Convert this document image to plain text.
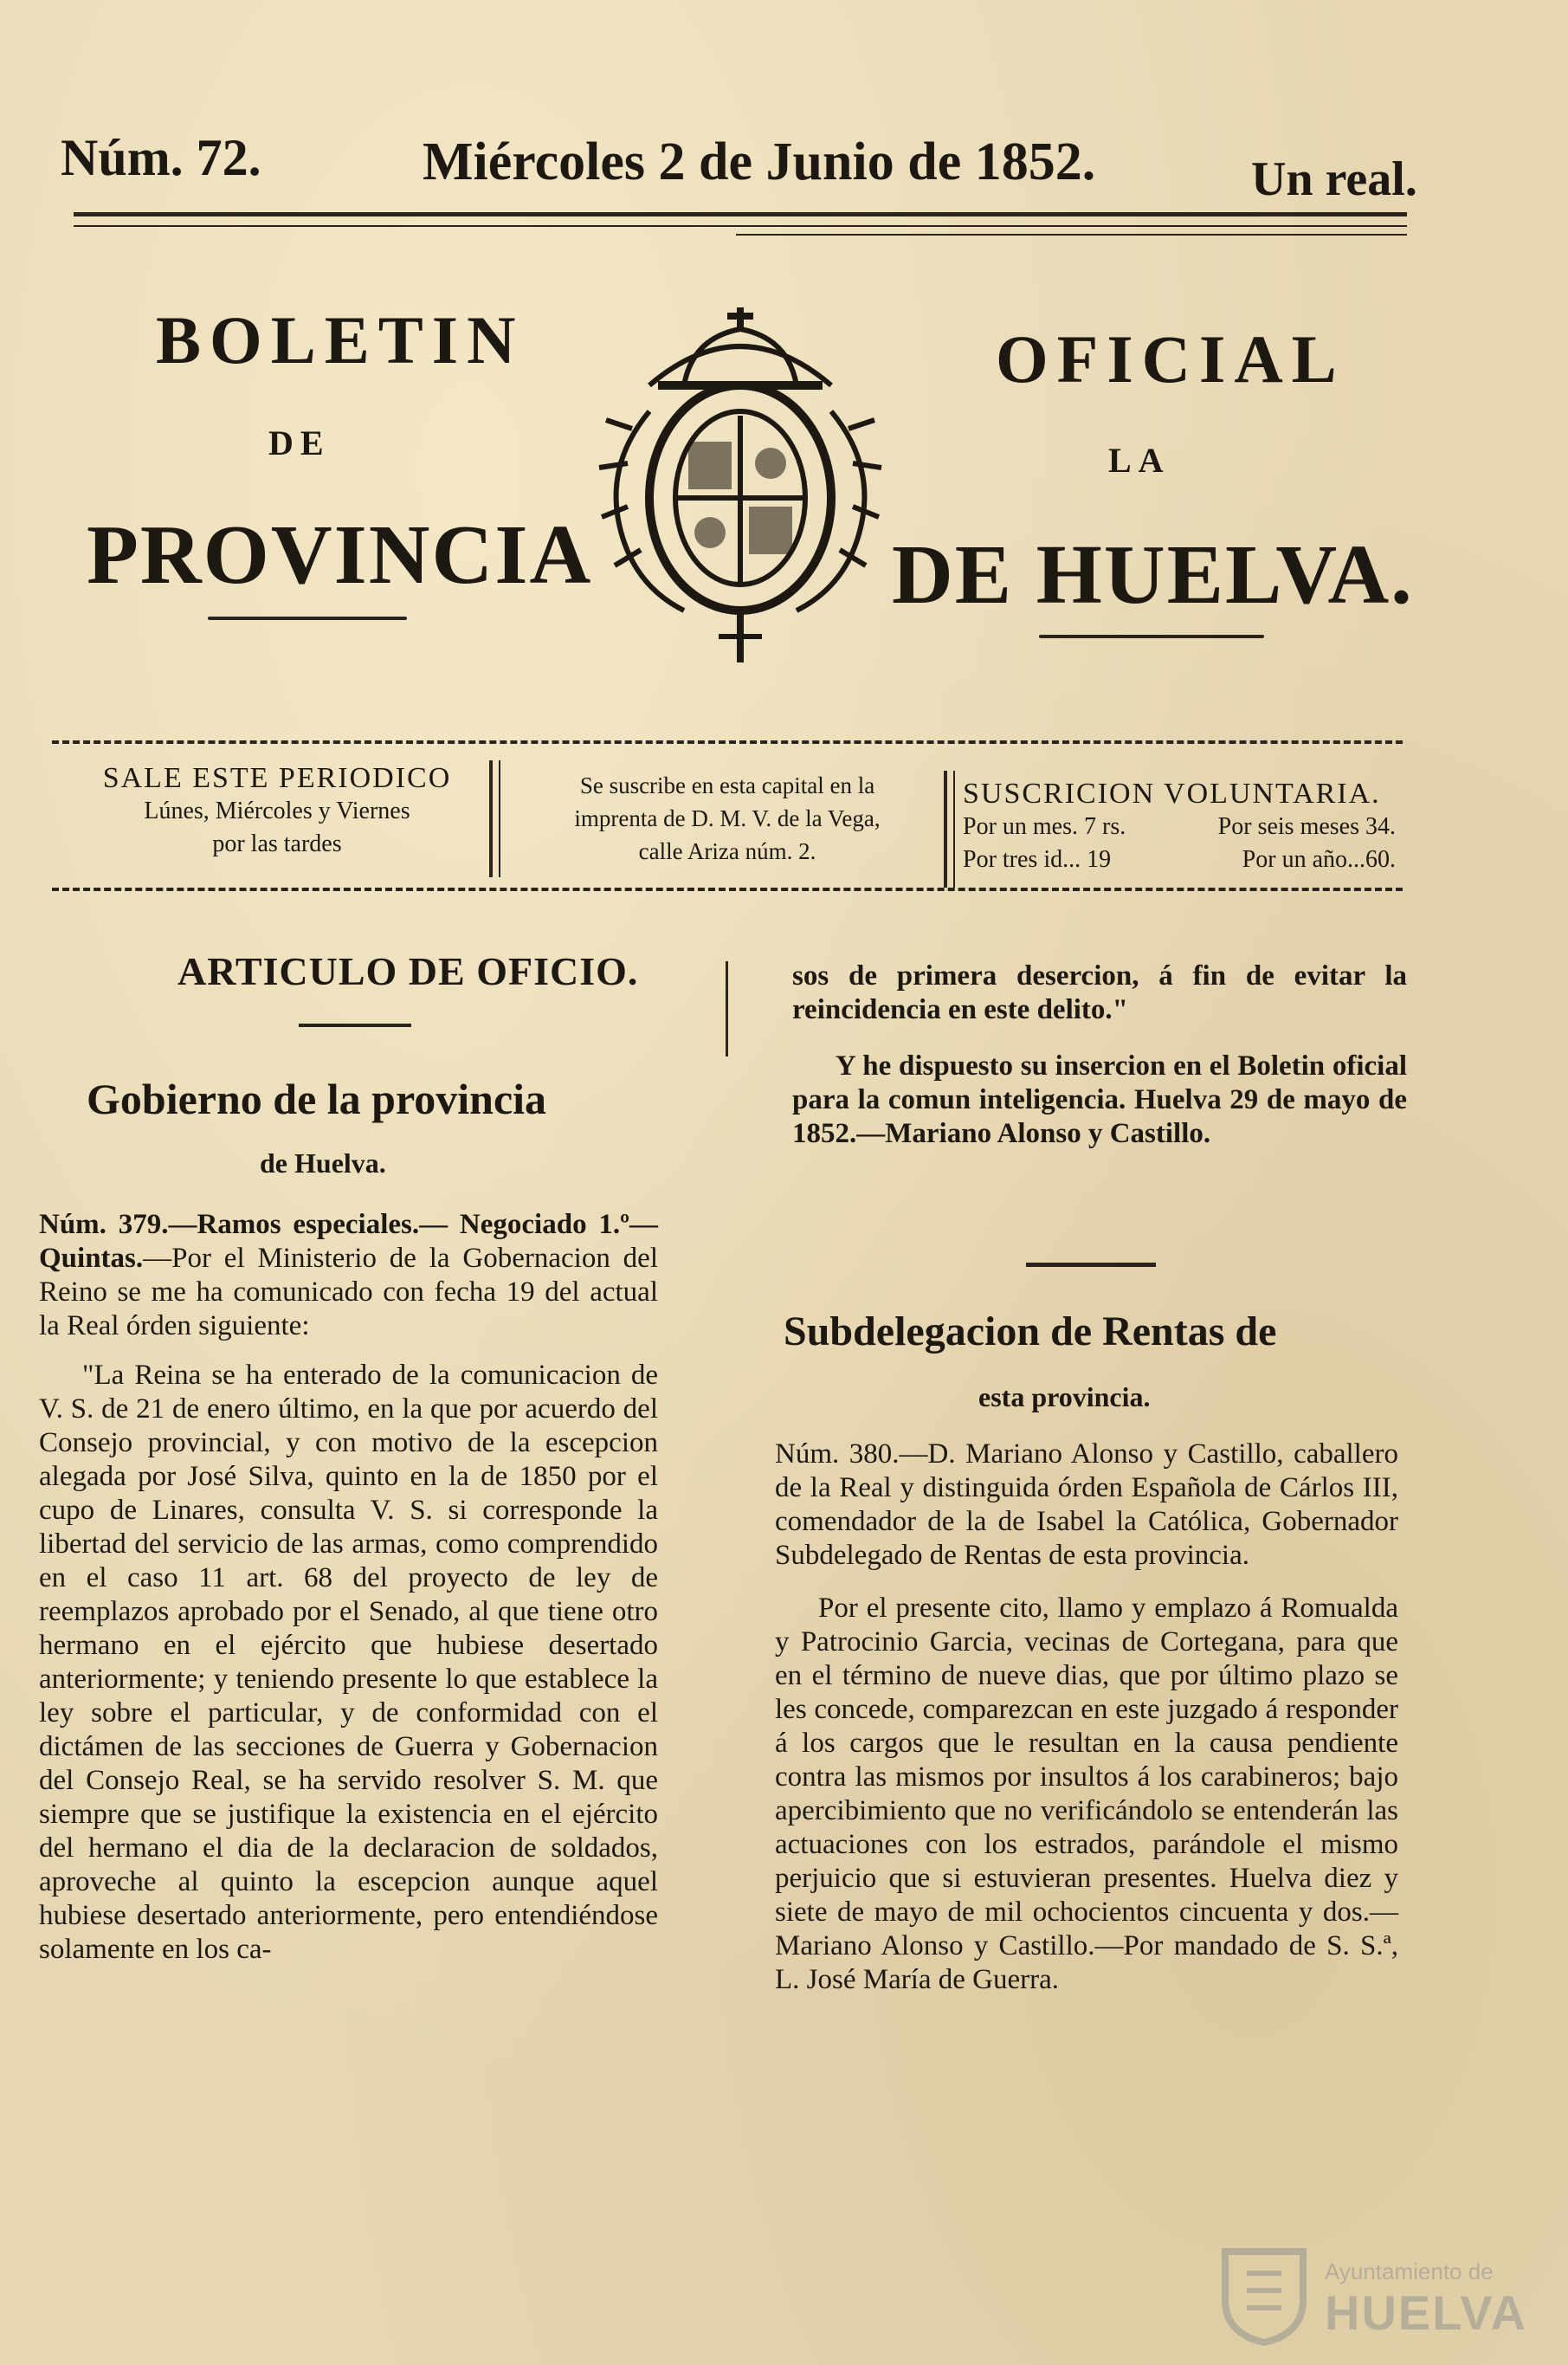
Núm. 72.	Miércoles 2 de Junio de 1852.	Un real.
BOLETIN	OFICIAL
DE	LA
PROVINCIA	DE HUELVA.
SALE ESTE PERIODICO
Lúnes, Miércoles y Viernes
por las tardes
Se suscribe en esta capital en la
imprenta de D. M. V. de la Vega,
calle Ariza núm. 2.
SUSCRICION VOLUNTARIA.
Por un mes. 7 rs.	Por seis meses 34.
Por tres id... 19	Por un año...60.
ARTICULO DE OFICIO.
Gobierno de la provincia
de Huelva.

Núm. 379.—Ramos especiales.— Negociado 1.º—Quintas.—Por el Ministerio de la Gobernacion del Reino se me ha comunicado con fecha 19 del actual la Real órden siguiente:

"La Reina se ha enterado de la comunicacion de V. S. de 21 de enero último, en la que por acuerdo del Consejo provincial, y con motivo de la escepcion alegada por José Silva, quinto en la de 1850 por el cupo de Linares, consulta V. S. si corresponde la libertad del servicio de las armas, como comprendido en el caso 11 art. 68 del proyecto de ley de reemplazos aprobado por el Senado, al que tiene otro hermano en el ejército que hubiese desertado anteriormente; y teniendo presente lo que establece la ley sobre el particular, y de conformidad con el dictámen de las secciones de Guerra y Gobernacion del Consejo Real, se ha servido resolver S. M. que siempre que se justifique la existencia en el ejército del hermano el dia de la declaracion de soldados, aproveche al quinto la escepcion aunque aquel hubiese desertado anteriormente, pero entendiéndose solamente en los ca-

sos de primera desercion, á fin de evitar la reincidencia en este delito."

Y he dispuesto su insercion en el Boletin oficial para la comun inteligencia. Huelva 29 de mayo de 1852.—Mariano Alonso y Castillo.

Subdelegacion de Rentas de
esta provincia.

Núm. 380.—D. Mariano Alonso y Castillo, caballero de la Real y distinguida órden Española de Cárlos III, comendador de la de Isabel la Católica, Gobernador Subdelegado de Rentas de esta provincia.

Por el presente cito, llamo y emplazo á Romualda y Patrocinio Garcia, vecinas de Cortegana, para que en el término de nueve dias, que por último plazo se les concede, comparezcan en este juzgado á responder á los cargos que le resultan en la causa pendiente contra las mismos por insultos á los carabineros; bajo apercibimiento que no verificándolo se entenderán las actuaciones con los estrados, parándole el mismo perjuicio que si estuvieran presentes. Huelva diez y siete de mayo de mil ochocientos cincuenta y dos.—Mariano Alonso y Castillo.—Por mandado de S. S.ª, L. José María de Guerra.

Ayuntamiento de
HUELVA
